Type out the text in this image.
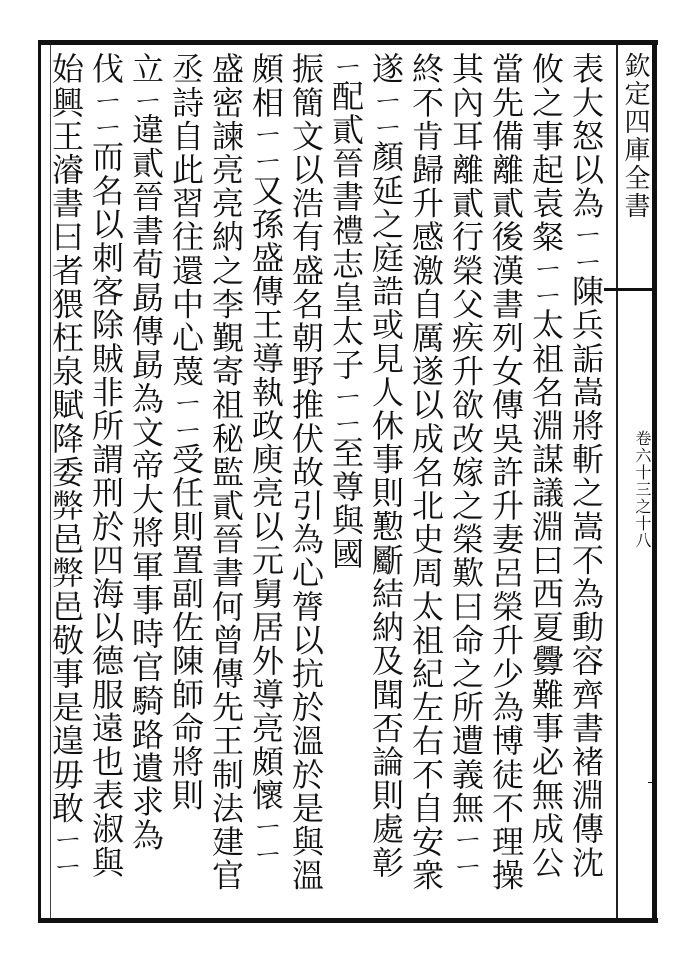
欽定四庫全書
卷六十三之十八
表大怒以為ㄧㄧ陳兵詬嵩將斬之嵩不為動容齊書褚淵傳沈
攸之事起袁粲ㄧㄧ太祖名淵謀議淵曰西夏釁難事必無成公
當先備離貳後漢書列女傳吳許升妻呂榮升少為博徒不理操
其內耳離貳行榮父疾升欲改嫁之榮歎曰命之所遭義無ㄧㄧ
終不肯歸升感激自厲遂以成名北史周太祖紀左右不自安衆
遂ㄧㄧ顏延之庭誥或見人休事則懃斸結納及聞否論則處彰
ㄧ配貳晉書禮志皇太子ㄧㄧ至尊與國
振簡文以浩有盛名朝野推伏故引為心膂以抗於溫於是與溫
頗相ㄧㄧ又孫盛傳王導執政庾亮以元舅居外導亮頗懷ㄧㄧ
盛密諫亮亮納之李覲寄祖秘監貳晉書何曾傳先王制法建官
丞詩自此習往還中心蔑ㄧㄧ受任則置副佐陳師命將則
立ㄧ違貳晉書荀勗傳勗為文帝大將軍事時官騎路遺求為
伐ㄧㄧ而名以刺客除賊非所謂刑於四海以德服遠也表淑與
始興王濬書曰者猥枉泉賦降委弊邑弊邑敬事是遑毋敢ㄧㄧ
